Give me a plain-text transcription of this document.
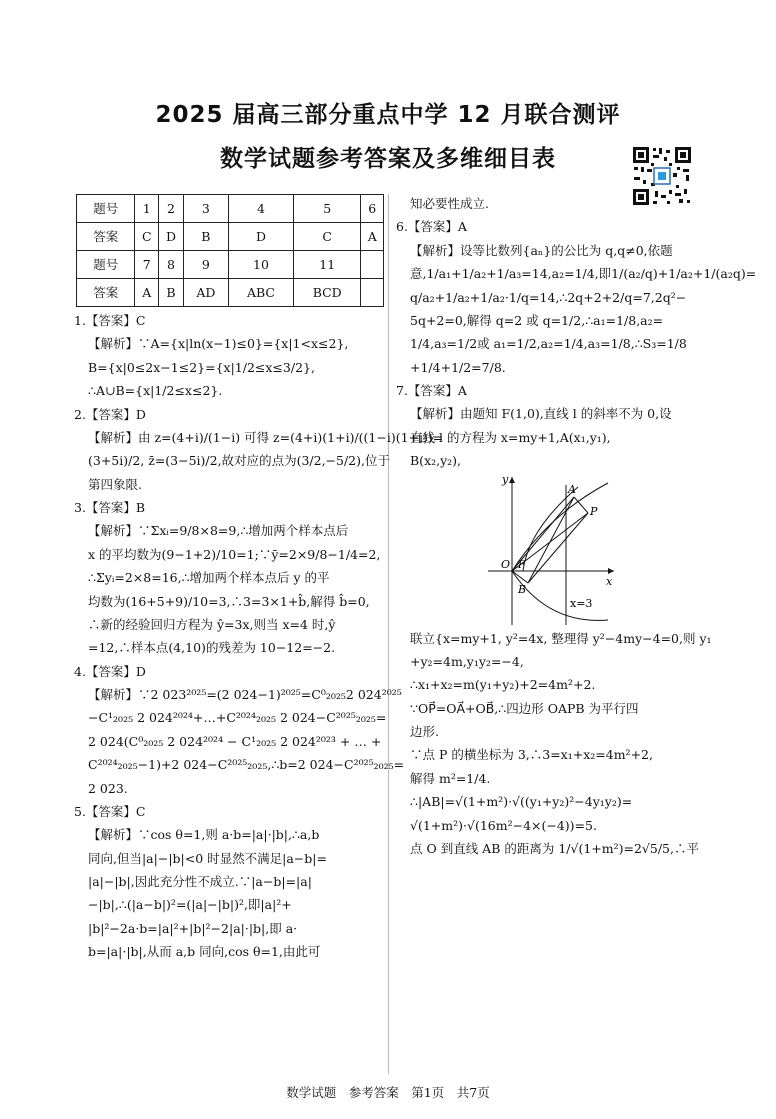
2025 届高三部分重点中学 12 月联合测评
数学试题参考答案及多维细目表
题号	1	2	3	4	5	6
答案	C	D	B	D	C	A
题号	7	8	9	10	11	
答案	A	B	AD	ABC	BCD	
1.【答案】C
【解析】∵A={x|ln(x−1)≤0}={x|1<x≤2},
B={x|0≤2x−1≤2}={x|1/2≤x≤3/2},
∴A∪B={x|1/2≤x≤2}.
2.【答案】D
【解析】由 z=(4+i)/(1−i) 可得 z=(4+i)(1+i)/((1−i)(1+i))=
(3+5i)/2, z̄=(3−5i)/2,故对应的点为(3/2,−5/2),位于
第四象限.
3.【答案】B
【解析】∵Σxᵢ=9/8×8=9,∴增加两个样本点后
x 的平均数为(9−1+2)/10=1;∵ȳ=2×9/8−1/4=2,
∴Σyᵢ=2×8=16,∴增加两个样本点后 y 的平
均数为(16+5+9)/10=3,∴3=3×1+b̂,解得 b̂=0,
∴新的经验回归方程为 ŷ=3x,则当 x=4 时,ŷ
=12,∴样本点(4,10)的残差为 10−12=−2.
4.【答案】D
【解析】∵2 023²⁰²⁵=(2 024−1)²⁰²⁵=C⁰₂₀₂₅2 024²⁰²⁵
−C¹₂₀₂₅ 2 024²⁰²⁴+…+C²⁰²⁴₂₀₂₅ 2 024−C²⁰²⁵₂₀₂₅=
2 024(C⁰₂₀₂₅ 2 024²⁰²⁴ − C¹₂₀₂₅ 2 024²⁰²³ + … +
C²⁰²⁴₂₀₂₅−1)+2 024−C²⁰²⁵₂₀₂₅,∴b=2 024−C²⁰²⁵₂₀₂₅=
2 023.
5.【答案】C
【解析】∵cos θ=1,则 a·b=|a|·|b|,∴a,b
同向,但当|a|−|b|<0 时显然不满足|a−b|=
|a|−|b|,因此充分性不成立.∵|a−b|=|a|
−|b|,∴(|a−b|)²=(|a|−|b|)²,即|a|²+
|b|²−2a·b=|a|²+|b|²−2|a|·|b|,即 a·
b=|a|·|b|,从而 a,b 同向,cos θ=1,由此可
知必要性成立.
6.【答案】A
【解析】设等比数列{aₙ}的公比为 q,q≠0,依题
意,1/a₁+1/a₂+1/a₃=14,a₂=1/4,即1/(a₂/q)+1/a₂+1/(a₂q)=
q/a₂+1/a₂+1/a₂·1/q=14,∴2q+2+2/q=7,2q²−
5q+2=0,解得 q=2 或 q=1/2,∴a₁=1/8,a₂=
1/4,a₃=1/2或 a₁=1/2,a₂=1/4,a₃=1/8,∴S₃=1/8
+1/4+1/2=7/8.
7.【答案】A
【解析】由题知 F(1,0),直线 l 的斜率不为 0,设
直线 l 的方程为 x=my+1,A(x₁,y₁),
B(x₂,y₂),
y
x
O F
A
B
P
x=3
联立{x=my+1, y²=4x, 整理得 y²−4my−4=0,则 y₁
+y₂=4m,y₁y₂=−4,
∴x₁+x₂=m(y₁+y₂)+2=4m²+2.
∵OP⃗=OA⃗+OB⃗,∴四边形 OAPB 为平行四
边形.
∵点 P 的横坐标为 3,∴3=x₁+x₂=4m²+2,
解得 m²=1/4.
∴|AB|=√(1+m²)·√((y₁+y₂)²−4y₁y₂)=
√(1+m²)·√(16m²−4×(−4))=5.
点 O 到直线 AB 的距离为 1/√(1+m²)=2√5/5,∴平
数学试题　参考答案　第1页　共7页
